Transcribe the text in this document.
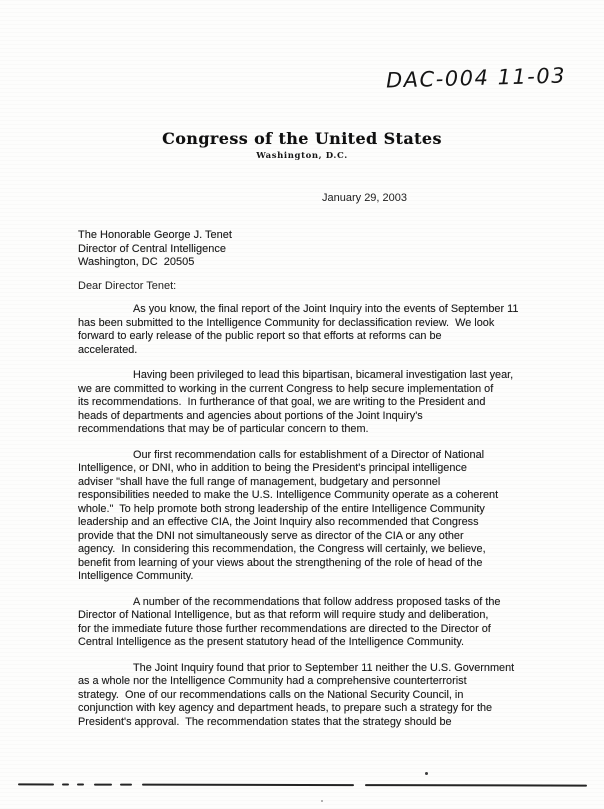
DAC-004 11-03
Congress of the United States
Washington, D.C.
January 29, 2003
The Honorable George J. Tenet
Director of Central Intelligence
Washington, DC  20505
Dear Director Tenet:
As you know, the final report of the Joint Inquiry into the events of September 11
has been submitted to the Intelligence Community for declassification review.  We look
forward to early release of the public report so that efforts at reforms can be
accelerated.
Having been privileged to lead this bipartisan, bicameral investigation last year,
we are committed to working in the current Congress to help secure implementation of
its recommendations.  In furtherance of that goal, we are writing to the President and
heads of departments and agencies about portions of the Joint Inquiry's
recommendations that may be of particular concern to them.
Our first recommendation calls for establishment of a Director of National
Intelligence, or DNI, who in addition to being the President's principal intelligence
adviser "shall have the full range of management, budgetary and personnel
responsibilities needed to make the U.S. Intelligence Community operate as a coherent
whole."  To help promote both strong leadership of the entire Intelligence Community
leadership and an effective CIA, the Joint Inquiry also recommended that Congress
provide that the DNI not simultaneously serve as director of the CIA or any other
agency.  In considering this recommendation, the Congress will certainly, we believe,
benefit from learning of your views about the strengthening of the role of head of the
Intelligence Community.
A number of the recommendations that follow address proposed tasks of the
Director of National Intelligence, but as that reform will require study and deliberation,
for the immediate future those further recommendations are directed to the Director of
Central Intelligence as the present statutory head of the Intelligence Community.
The Joint Inquiry found that prior to September 11 neither the U.S. Government
as a whole nor the Intelligence Community had a comprehensive counterterrorist
strategy.  One of our recommendations calls on the National Security Council, in
conjunction with key agency and department heads, to prepare such a strategy for the
President's approval.  The recommendation states that the strategy should be
